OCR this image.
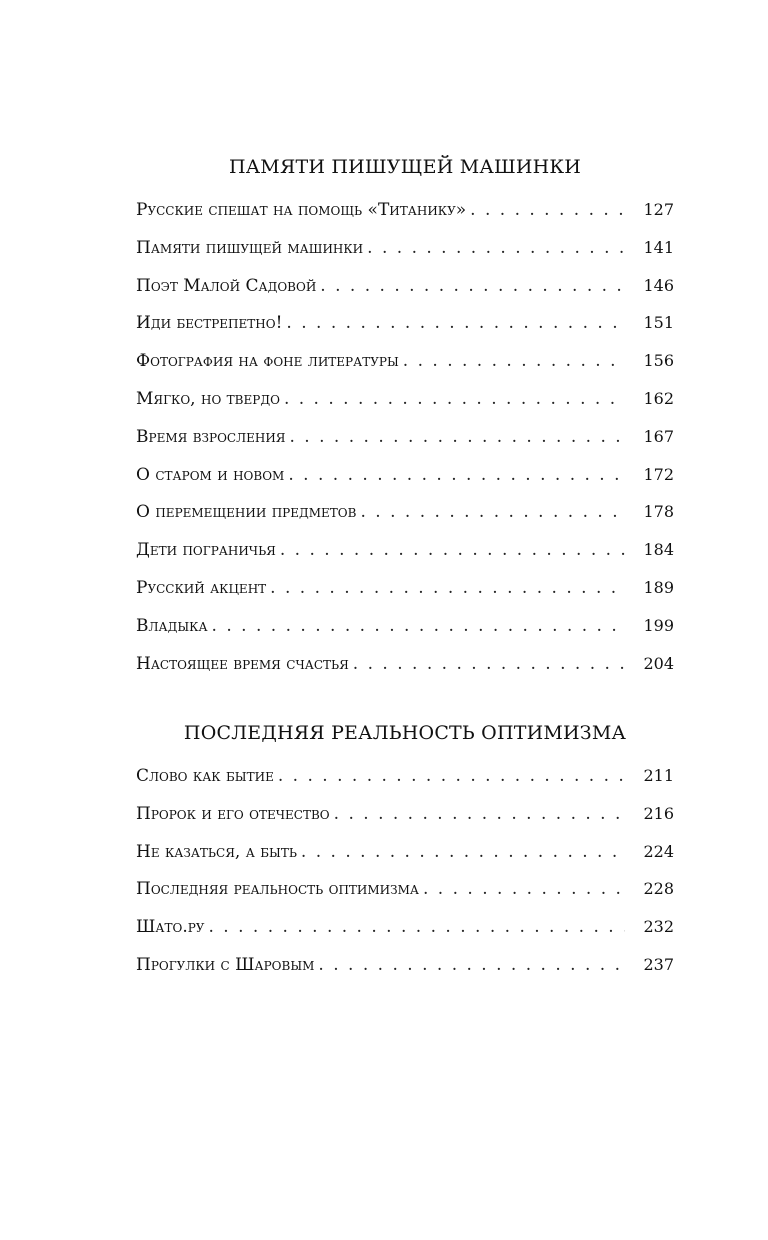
ПАМЯТИ ПИШУЩЕЙ МАШИНКИ
Русские спешат на помощь «Титанику» . . .	127
Памяти пишущей машинки . . .	141
Поэт Малой Садовой . . .	146
Иди бестрепетно! . . .	151
Фотография на фоне литературы . . .	156
Мягко, но твердо . . .	162
Время взросления . . .	167
О старом и новом . . .	172
О перемещении предметов . . .	178
Дети пограничья . . .	184
Русский акцент . . .	189
Владыка . . .	199
Настоящее время счастья . . .	204
ПОСЛЕДНЯЯ РЕАЛЬНОСТЬ ОПТИМИЗМА
Слово как бытие . . .	211
Пророк и его отечество . . .	216
Не казаться, а быть . . .	224
Последняя реальность оптимизма . . .	228
Шато.ру . . .	232
Прогулки с Шаровым . . .	237
